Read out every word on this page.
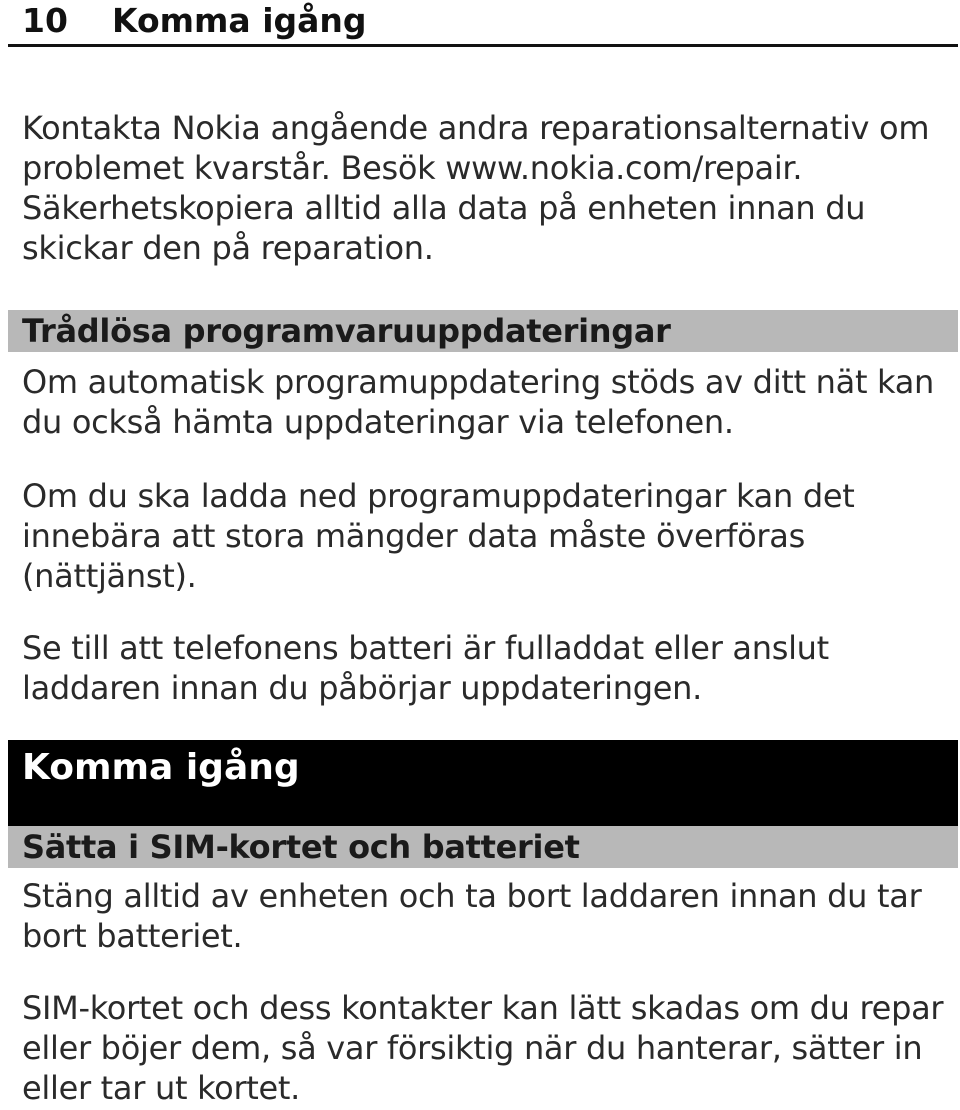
10 Komma igång

Kontakta Nokia angående andra reparationsalternativ om
problemet kvarstår. Besök www.nokia.com/repair.
Säkerhetskopiera alltid alla data på enheten innan du
skickar den på reparation.

Trådlösa programvaruuppdateringar

Om automatisk programuppdatering stöds av ditt nät kan
du också hämta uppdateringar via telefonen.

Om du ska ladda ned programuppdateringar kan det
innebära att stora mängder data måste överföras
(nättjänst).

Se till att telefonens batteri är fulladdat eller anslut
laddaren innan du påbörjar uppdateringen.

Komma igång
Sätta i SIM-kortet och batteriet

Stäng alltid av enheten och ta bort laddaren innan du tar
bort batteriet.

SIM-kortet och dess kontakter kan lätt skadas om du repar
eller böjer dem, så var försiktig när du hanterar, sätter in
eller tar ut kortet.
